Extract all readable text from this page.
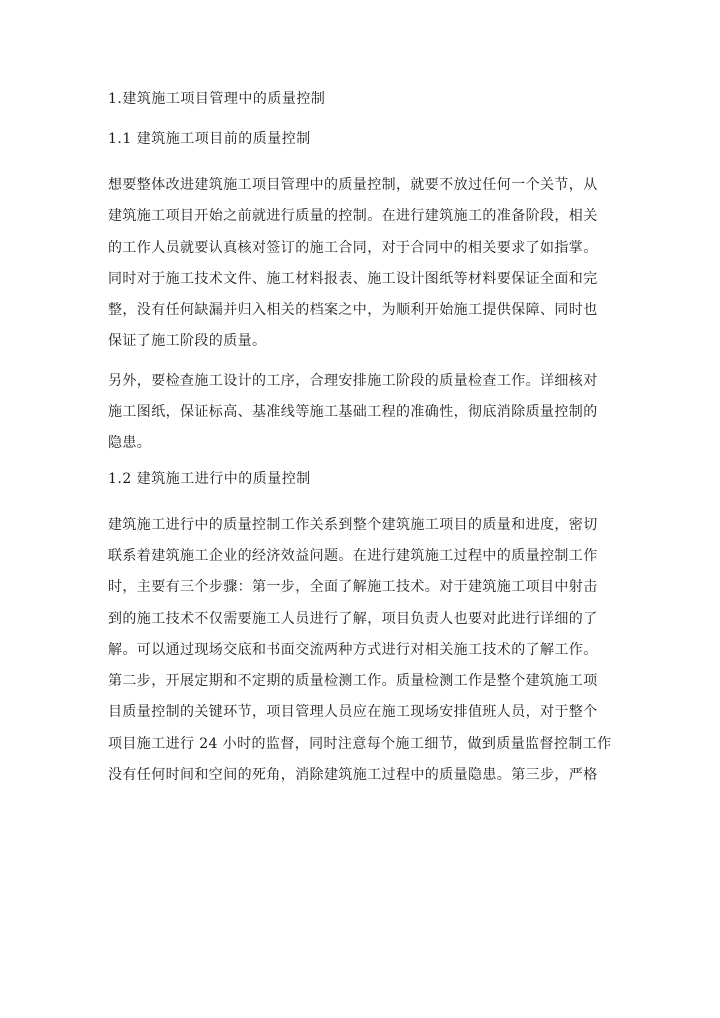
1.建筑施工项目管理中的质量控制
1.1 建筑施工项目前的质量控制
想要整体改进建筑施工项目管理中的质量控制，就要不放过任何一个关节，从
建筑施工项目开始之前就进行质量的控制。在进行建筑施工的准备阶段，相关
的工作人员就要认真核对签订的施工合同，对于合同中的相关要求了如指掌。
同时对于施工技术文件、施工材料报表、施工设计图纸等材料要保证全面和完
整，没有任何缺漏并归入相关的档案之中，为顺利开始施工提供保障、同时也
保证了施工阶段的质量。
另外，要检查施工设计的工序，合理安排施工阶段的质量检查工作。详细核对
施工图纸，保证标高、基准线等施工基础工程的准确性，彻底消除质量控制的
隐患。
1.2 建筑施工进行中的质量控制
建筑施工进行中的质量控制工作关系到整个建筑施工项目的质量和进度，密切
联系着建筑施工企业的经济效益问题。在进行建筑施工过程中的质量控制工作
时，主要有三个步骤：第一步，全面了解施工技术。对于建筑施工项目中射击
到的施工技术不仅需要施工人员进行了解，项目负责人也要对此进行详细的了
解。可以通过现场交底和书面交流两种方式进行对相关施工技术的了解工作。
第二步，开展定期和不定期的质量检测工作。质量检测工作是整个建筑施工项
目质量控制的关键环节，项目管理人员应在施工现场安排值班人员，对于整个
项目施工进行 24 小时的监督，同时注意每个施工细节，做到质量监督控制工作
没有任何时间和空间的死角，消除建筑施工过程中的质量隐患。第三步，严格
